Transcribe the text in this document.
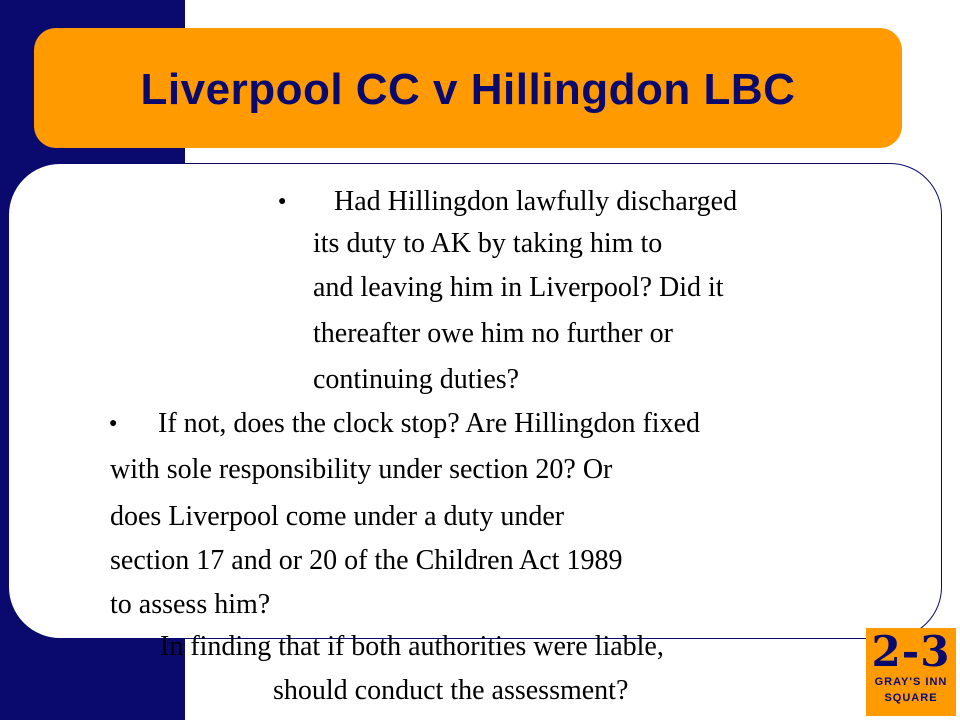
Liverpool CC v Hillingdon LBC
● Had Hillingdon lawfully discharged
its duty to AK by taking him to
and leaving him in Liverpool? Did it
thereafter owe him no further or
continuing duties?
● If not, does the clock stop? Are Hillingdon fixed
with sole responsibility under section 20? Or
does Liverpool come under a duty under
section 17 and or 20 of the Children Act 1989
to assess him?
In finding that if both authorities were liable,
should conduct the assessment?
2-3
GRAY'S INN
SQUARE
